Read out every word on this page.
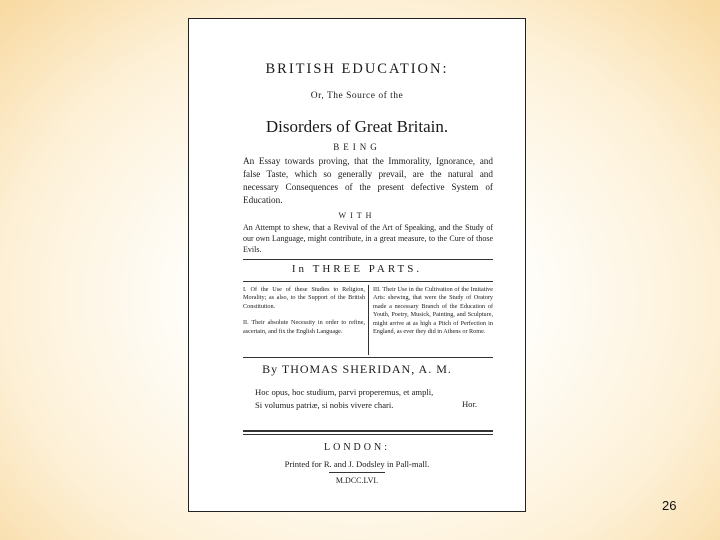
BRITISH EDUCATION:
Or, The Source of the
Disorders of Great Britain.
BEING
An Essay towards proving, that the Immorality, Ignorance, and false Taste, which so generally prevail, are the natural and necessary Consequences of the present defective System of Education.
WITH
An Attempt to shew, that a Revival of the Art of Speaking, and the Study of our own Language, might contribute, in a great measure, to the Cure of those Evils.
In THREE PARTS.
I. Of the Use of these Studies to Religion, Morality; as also, to the Support of the British Constitution.
II. Their absolute Necessity in order to refine, ascertain, and fix the English Language.
III. Their Use in the Cultivation of the Imitative Arts: shewing, that were the Study of Oratory made a necessary Branch of the Education of Youth, Poetry, Musick, Painting, and Sculpture, might arrive at as high a Pitch of Perfection in England, as ever they did in Athens or Rome.
By THOMAS SHERIDAN, A. M.
Hoc opus, hoc studium, parvi properemus, et ampli,
Si volumus patriæ, si nobis vivere chari.	Hor.
LONDON:
Printed for R. and J. Dodsley in Pall-mall.
M.DCC.LVI.
26
